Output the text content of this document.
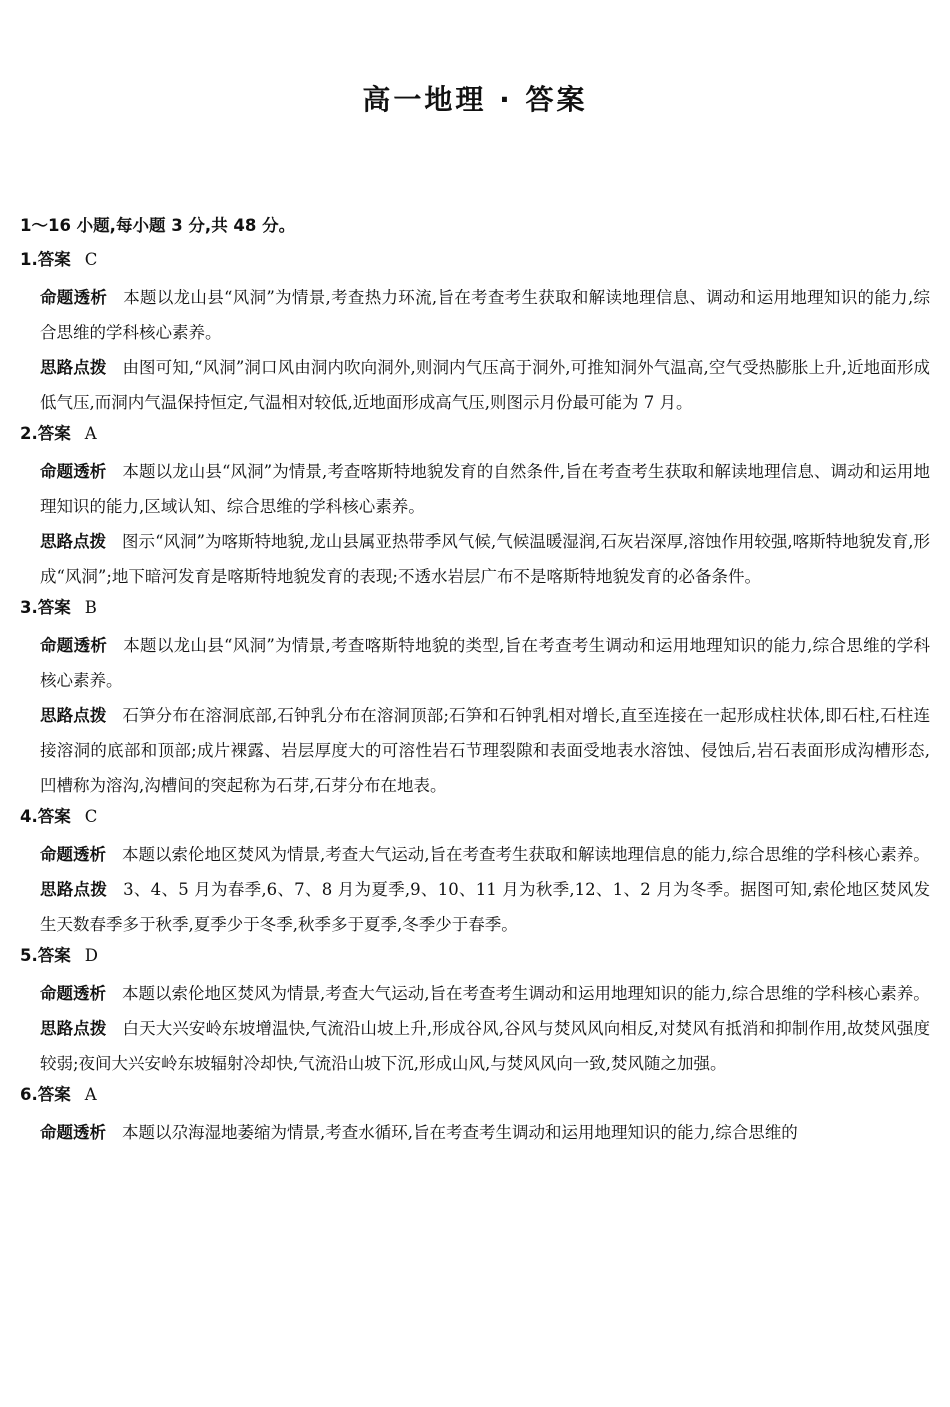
高一地理 · 答案
1～16 小题,每小题 3 分,共 48 分。
1.答案 C
命题透析 本题以龙山县“风洞”为情景,考查热力环流,旨在考查考生获取和解读地理信息、调动和运用地理知识的能力,综合思维的学科核心素养。
思路点拨 由图可知,“风洞”洞口风由洞内吹向洞外,则洞内气压高于洞外,可推知洞外气温高,空气受热膨胀上升,近地面形成低气压,而洞内气温保持恒定,气温相对较低,近地面形成高气压,则图示月份最可能为 7 月。
2.答案 A
命题透析 本题以龙山县“风洞”为情景,考查喀斯特地貌发育的自然条件,旨在考查考生获取和解读地理信息、调动和运用地理知识的能力,区域认知、综合思维的学科核心素养。
思路点拨 图示“风洞”为喀斯特地貌,龙山县属亚热带季风气候,气候温暖湿润,石灰岩深厚,溶蚀作用较强,喀斯特地貌发育,形成“风洞”;地下暗河发育是喀斯特地貌发育的表现;不透水岩层广布不是喀斯特地貌发育的必备条件。
3.答案 B
命题透析 本题以龙山县“风洞”为情景,考查喀斯特地貌的类型,旨在考查考生调动和运用地理知识的能力,综合思维的学科核心素养。
思路点拨 石笋分布在溶洞底部,石钟乳分布在溶洞顶部;石笋和石钟乳相对增长,直至连接在一起形成柱状体,即石柱,石柱连接溶洞的底部和顶部;成片裸露、岩层厚度大的可溶性岩石节理裂隙和表面受地表水溶蚀、侵蚀后,岩石表面形成沟槽形态,凹槽称为溶沟,沟槽间的突起称为石芽,石芽分布在地表。
4.答案 C
命题透析 本题以索伦地区焚风为情景,考查大气运动,旨在考查考生获取和解读地理信息的能力,综合思维的学科核心素养。
思路点拨 3、4、5 月为春季,6、7、8 月为夏季,9、10、11 月为秋季,12、1、2 月为冬季。据图可知,索伦地区焚风发生天数春季多于秋季,夏季少于冬季,秋季多于夏季,冬季少于春季。
5.答案 D
命题透析 本题以索伦地区焚风为情景,考查大气运动,旨在考查考生调动和运用地理知识的能力,综合思维的学科核心素养。
思路点拨 白天大兴安岭东坡增温快,气流沿山坡上升,形成谷风,谷风与焚风风向相反,对焚风有抵消和抑制作用,故焚风强度较弱;夜间大兴安岭东坡辐射冷却快,气流沿山坡下沉,形成山风,与焚风风向一致,焚风随之加强。
6.答案 A
命题透析 本题以尕海湿地萎缩为情景,考查水循环,旨在考查考生调动和运用地理知识的能力,综合思维的
